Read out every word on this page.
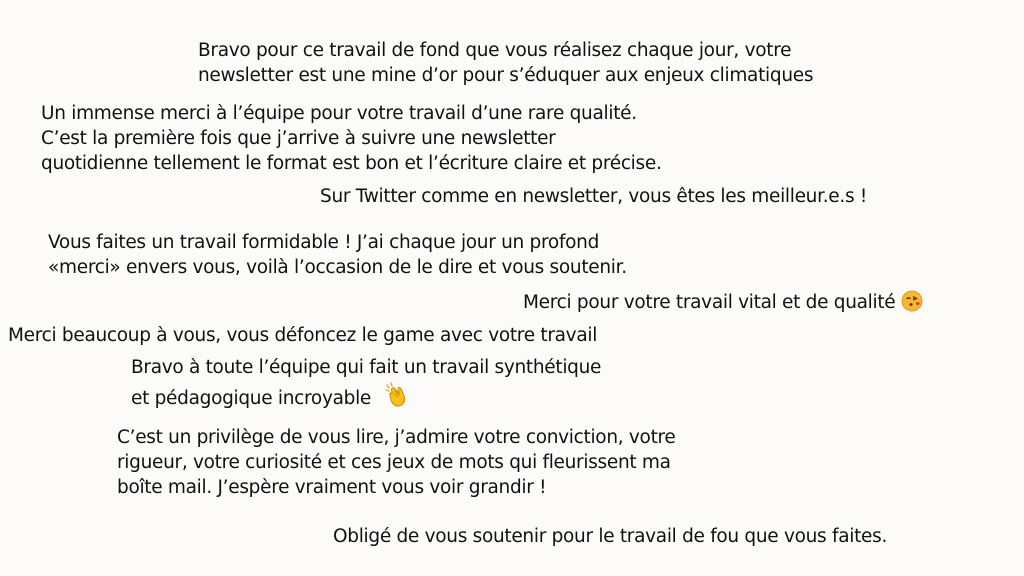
Bravo pour ce travail de fond que vous réalisez chaque jour, votre
newsletter est une mine d’or pour s’éduquer aux enjeux climatiques
Un immense merci à l’équipe pour votre travail d’une rare qualité.
C’est la première fois que j’arrive à suivre une newsletter
quotidienne tellement le format est bon et l’écriture claire et précise.
Sur Twitter comme en newsletter, vous êtes les meilleur.e.s !
Vous faites un travail formidable ! J’ai chaque jour un profond
«merci» envers vous, voilà l’occasion de le dire et vous soutenir.
Merci pour votre travail vital et de qualité
Merci beaucoup à vous, vous défoncez le game avec votre travail
Bravo à toute l’équipe qui fait un travail synthétique
et pédagogique incroyable
C’est un privilège de vous lire, j’admire votre conviction, votre
rigueur, votre curiosité et ces jeux de mots qui fleurissent ma
boîte mail. J’espère vraiment vous voir grandir !
Obligé de vous soutenir pour le travail de fou que vous faites.
